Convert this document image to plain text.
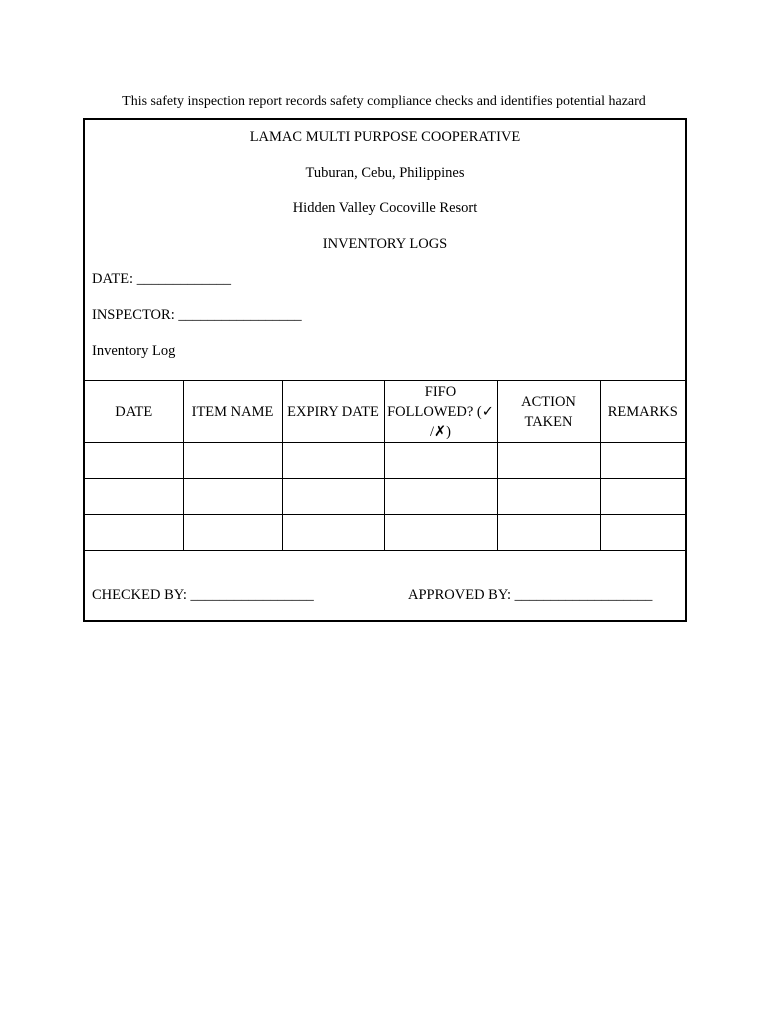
This safety inspection report records safety compliance checks and identifies potential hazard
LAMAC MULTI PURPOSE COOPERATIVE
Tuburan, Cebu, Philippines
Hidden Valley Cocoville Resort
INVENTORY LOGS
DATE: _____________
INSPECTOR: _________________
Inventory Log
DATE	ITEM NAME	EXPIRY DATE	FIFO FOLLOWED? (✓ /✗)	ACTION TAKEN	REMARKS

CHECKED BY: _________________	APPROVED BY: ___________________
